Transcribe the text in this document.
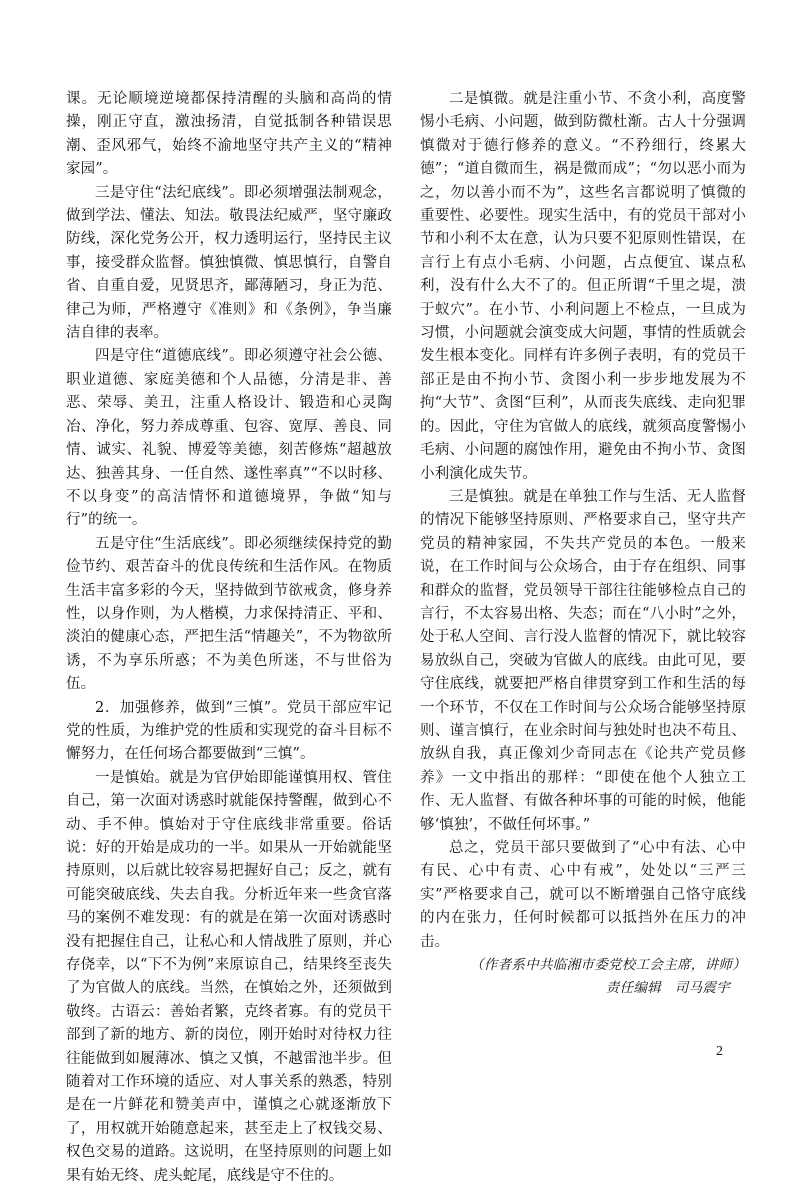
课。无论顺境逆境都保持清醒的头脑和高尚的情操，刚正守直，激浊扬清，自觉抵制各种错误思潮、歪风邪气，始终不渝地坚守共产主义的“精神家园”。

三是守住“法纪底线”。即必须增强法制观念，做到学法、懂法、知法。敬畏法纪威严，坚守廉政防线，深化党务公开，权力透明运行，坚持民主议事，接受群众监督。慎独慎微、慎思慎行，自警自省、自重自爱，见贤思齐，鄙薄陋习，身正为范、律己为师，严格遵守《准则》和《条例》，争当廉洁自律的表率。

四是守住“道德底线”。即必须遵守社会公德、职业道德、家庭美德和个人品德，分清是非、善恶、荣辱、美丑，注重人格设计、锻造和心灵陶冶、净化，努力养成尊重、包容、宽厚、善良、同情、诚实、礼貌、博爱等美德，刻苦修炼“超越放达、独善其身、一任自然、遂性率真”“不以时移、不以身变”的高洁情怀和道德境界，争做“知与行”的统一。

五是守住“生活底线”。即必须继续保持党的勤俭节约、艰苦奋斗的优良传统和生活作风。在物质生活丰富多彩的今天，坚持做到节欲戒贪，修身养性，以身作则，为人楷模，力求保持清正、平和、淡泊的健康心态，严把生活“情趣关”，不为物欲所诱，不为享乐所惑；不为美色所迷，不与世俗为伍。

2．加强修养，做到“三慎”。党员干部应牢记党的性质，为维护党的性质和实现党的奋斗目标不懈努力，在任何场合都要做到“三慎”。

一是慎始。就是为官伊始即能谨慎用权、管住自己，第一次面对诱惑时就能保持警醒，做到心不动、手不伸。慎始对于守住底线非常重要。俗话说：好的开始是成功的一半。如果从一开始就能坚持原则，以后就比较容易把握好自己；反之，就有可能突破底线、失去自我。分析近年来一些贪官落马的案例不难发现：有的就是在第一次面对诱惑时没有把握住自己，让私心和人情战胜了原则，并心存侥幸，以“下不为例”来原谅自己，结果终至丧失了为官做人的底线。当然，在慎始之外，还须做到敬终。古语云：善始者繁，克终者寡。有的党员干部到了新的地方、新的岗位，刚开始时对待权力往往能做到如履薄冰、慎之又慎，不越雷池半步。但随着对工作环境的适应、对人事关系的熟悉，特别是在一片鲜花和赞美声中，谨慎之心就逐渐放下了，用权就开始随意起来，甚至走上了权钱交易、权色交易的道路。这说明，在坚持原则的问题上如果有始无终、虎头蛇尾，底线是守不住的。

二是慎微。就是注重小节、不贪小利，高度警惕小毛病、小问题，做到防微杜渐。古人十分强调慎微对于德行修养的意义。“不矜细行，终累大德”；“道自微而生，祸是微而成”；“勿以恶小而为之，勿以善小而不为”，这些名言都说明了慎微的重要性、必要性。现实生活中，有的党员干部对小节和小利不太在意，认为只要不犯原则性错误，在言行上有点小毛病、小问题，占点便宜、谋点私利，没有什么大不了的。但正所谓“千里之堤，溃于蚁穴”。在小节、小利问题上不检点，一旦成为习惯，小问题就会演变成大问题，事情的性质就会发生根本变化。同样有许多例子表明，有的党员干部正是由不拘小节、贪图小利一步步地发展为不拘“大节”、贪图“巨利”，从而丧失底线、走向犯罪的。因此，守住为官做人的底线，就须高度警惕小毛病、小问题的腐蚀作用，避免由不拘小节、贪图小利演化成失节。

三是慎独。就是在单独工作与生活、无人监督的情况下能够坚持原则、严格要求自己，坚守共产党员的精神家园，不失共产党员的本色。一般来说，在工作时间与公众场合，由于存在组织、同事和群众的监督，党员领导干部往往能够检点自己的言行，不太容易出格、失态；而在“八小时”之外，处于私人空间、言行没人监督的情况下，就比较容易放纵自己，突破为官做人的底线。由此可见，要守住底线，就要把严格自律贯穿到工作和生活的每一个环节，不仅在工作时间与公众场合能够坚持原则、谨言慎行，在业余时间与独处时也决不苟且、放纵自我，真正像刘少奇同志在《论共产党员修养》一文中指出的那样：“即使在他个人独立工作、无人监督、有做各种坏事的可能的时候，他能够‘慎独’，不做任何坏事。”

总之，党员干部只要做到了“心中有法、心中有民、心中有责、心中有戒”，处处以“三严三实”严格要求自己，就可以不断增强自己恪守底线的内在张力，任何时候都可以抵挡外在压力的冲击。

（作者系中共临湘市委党校工会主席，讲师）

责任编辑　司马震宇

2
